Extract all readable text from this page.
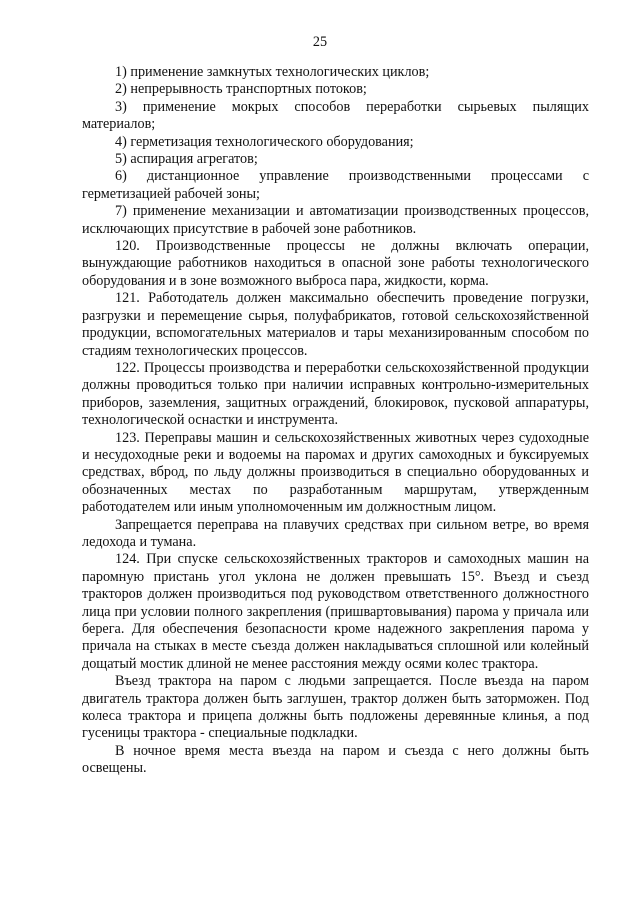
25

1) применение замкнутых технологических циклов;

2) непрерывность транспортных потоков;

3) применение мокрых способов переработки сырьевых пылящих материалов;

4) герметизация технологического оборудования;

5) аспирация агрегатов;

6) дистанционное управление производственными процессами с герметизацией рабочей зоны;

7) применение механизации и автоматизации производственных процессов, исключающих присутствие в рабочей зоне работников.

120. Производственные процессы не должны включать операции, вынуждающие работников находиться в опасной зоне работы технологического оборудования и в зоне возможного выброса пара, жидкости, корма.

121. Работодатель должен максимально обеспечить проведение погрузки, разгрузки и перемещение сырья, полуфабрикатов, готовой сельскохозяйственной продукции, вспомогательных материалов и тары механизированным способом по стадиям технологических процессов.

122. Процессы производства и переработки сельскохозяйственной продукции должны проводиться только при наличии исправных контрольно-измерительных приборов, заземления, защитных ограждений, блокировок, пусковой аппаратуры, технологической оснастки и инструмента.

123. Переправы машин и сельскохозяйственных животных через судоходные и несудоходные реки и водоемы на паромах и других самоходных и буксируемых средствах, вброд, по льду должны производиться в специально оборудованных и обозначенных местах по разработанным маршрутам, утвержденным работодателем или иным уполномоченным им должностным лицом.

Запрещается переправа на плавучих средствах при сильном ветре, во время ледохода и тумана.

124. При спуске сельскохозяйственных тракторов и самоходных машин на паромную пристань угол уклона не должен превышать 15°. Въезд и съезд тракторов должен производиться под руководством ответственного должностного лица при условии полного закрепления (пришвартовывания) парома у причала или берега. Для обеспечения безопасности кроме надежного закрепления парома у причала на стыках в месте съезда должен накладываться сплошной или колейный дощатый мостик длиной не менее расстояния между осями колес трактора.

Въезд трактора на паром с людьми запрещается. После въезда на паром двигатель трактора должен быть заглушен, трактор должен быть заторможен. Под колеса трактора и прицепа должны быть подложены деревянные клинья, а под гусеницы трактора - специальные подкладки.

В ночное время места въезда на паром и съезда с него должны быть освещены.
